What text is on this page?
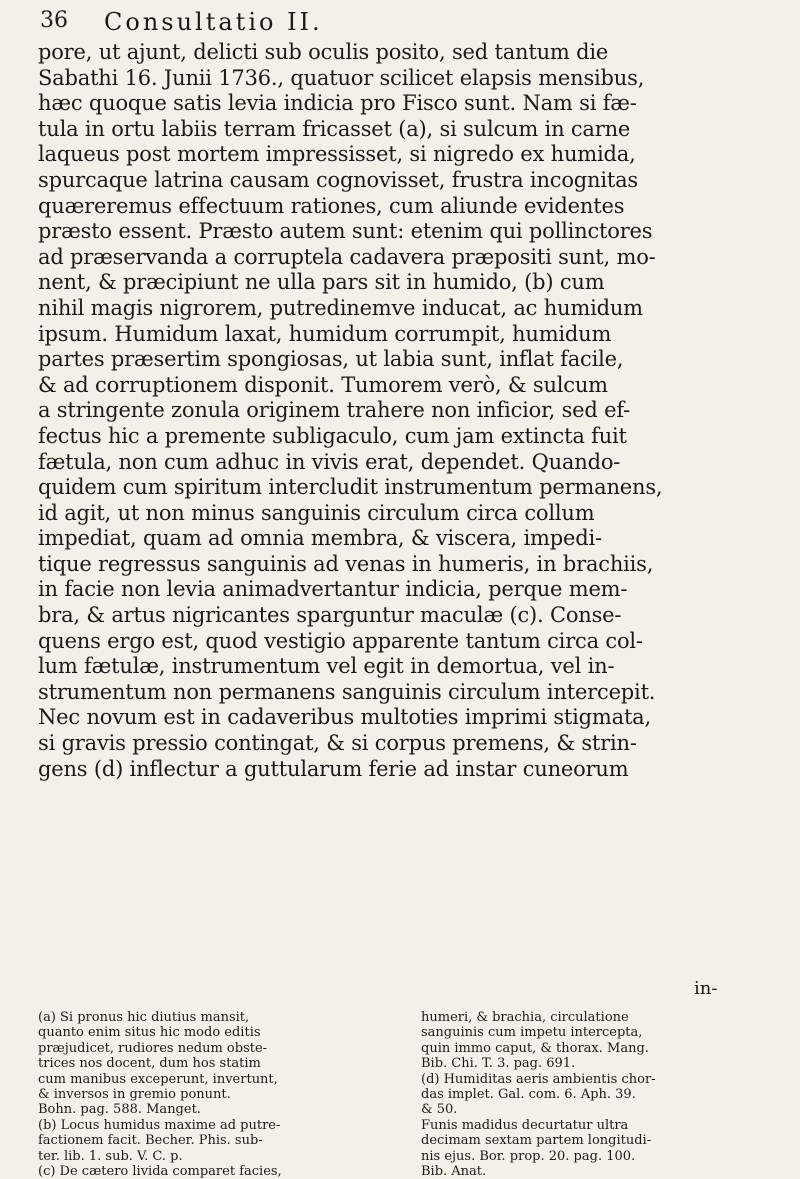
36 Consultatio II.
pore, ut ajunt, delicti sub oculis posito, sed tantum die
Sabathi 16. Junii 1736., quatuor scilicet elapsis mensibus,
hæc quoque satis levia indicia pro Fisco sunt. Nam si fæ-
tula in ortu labiis terram fricasset (a), si sulcum in carne
laqueus post mortem impressisset, si nigredo ex humida,
spurcaque latrina causam cognovisset, frustra incognitas
quæreremus effectuum rationes, cum aliunde evidentes
præsto essent. Præsto autem sunt: etenim qui pollinctores
ad præservanda a corruptela cadavera præpositi sunt, mo-
nent, & præcipiunt ne ulla pars sit in humido, (b) cum
nihil magis nigrorem, putredinemve inducat, ac humidum
ipsum. Humidum laxat, humidum corrumpit, humidum
partes præsertim spongiosas, ut labia sunt, inflat facile,
& ad corruptionem disponit. Tumorem verò, & sulcum
a stringente zonula originem trahere non inficior, sed ef-
fectus hic a premente subligaculo, cum jam extincta fuit
fætula, non cum adhuc in vivis erat, dependet. Quando-
quidem cum spiritum intercludit instrumentum permanens,
id agit, ut non minus sanguinis circulum circa collum
impediat, quam ad omnia membra, & viscera, impedi-
tique regressus sanguinis ad venas in humeris, in brachiis,
in facie non levia animadvertantur indicia, perque mem-
bra, & artus nigricantes sparguntur maculæ (c). Conse-
quens ergo est, quod vestigio apparente tantum circa col-
lum fætulæ, instrumentum vel egit in demortua, vel in-
strumentum non permanens sanguinis circulum intercepit.
Nec novum est in cadaveribus multoties imprimi stigmata,
si gravis pressio contingat, & si corpus premens, & strin-
gens (d) inflectur a guttularum ferie ad instar cuneorum
in-
(a) Si pronus hic diutius mansit,
quanto enim situs hic modo editis
præjudicet, rudiores nedum obste-
trices nos docent, dum hos statim
cum manibus exceperunt, invertunt,
& inversos in gremio ponunt.
Bohn. pag. 588. Manget.
(b) Locus humidus maxime ad putre-
factionem facit. Becher. Phis. sub-
ter. lib. 1. sub. V. C. p.
(c) De cætero livida comparet facies,
humeri, & brachia, circulatione
sanguinis cum impetu intercepta,
quin immo caput, & thorax. Mang.
Bib. Chi. T. 3. pag. 691.
(d) Humiditas aeris ambientis chor-
das implet. Gal. com. 6. Aph. 39.
& 50.
Funis madidus decurtatur ultra
decimam sextam partem longitudi-
nis ejus. Bor. prop. 20. pag. 100.
Bib. Anat.
